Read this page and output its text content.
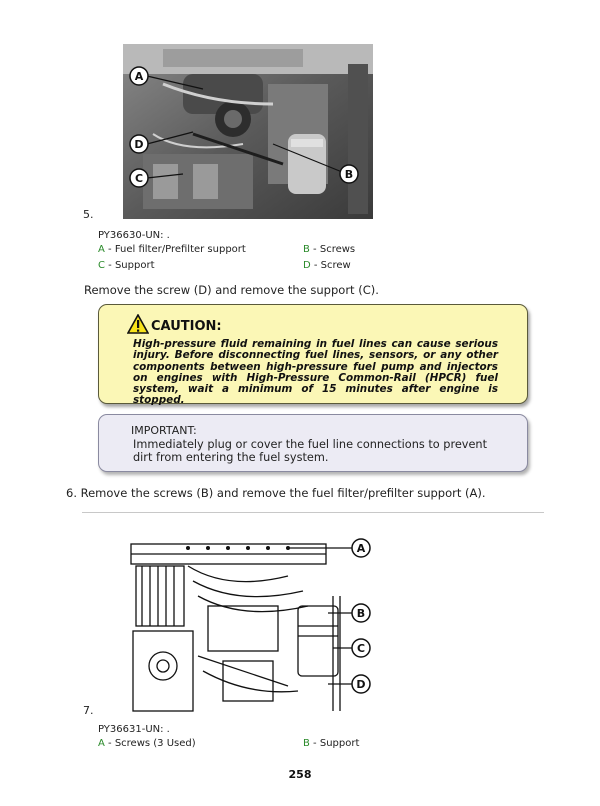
A
D
C	B
5.
PY36630-UN: .
A - Fuel filter/Prefilter support	B - Screws
C - Support	D - Screw
Remove the screw (D) and remove the support (C).
CAUTION:
High-pressure fluid remaining in fuel lines can cause serious injury. Before disconnecting fuel lines, sensors, or any other components between high-pressure fuel pump and injectors on engines with High-Pressure Common-Rail (HPCR) fuel system, wait a minimum of 15 minutes after engine is stopped.
IMPORTANT:
Immediately plug or cover the fuel line connections to prevent dirt from entering the fuel system.
6. Remove the screws (B) and remove the fuel filter/prefilter support (A).
A
B
C
D
7.
PY36631-UN: .
A - Screws (3 Used)	B - Support
258
